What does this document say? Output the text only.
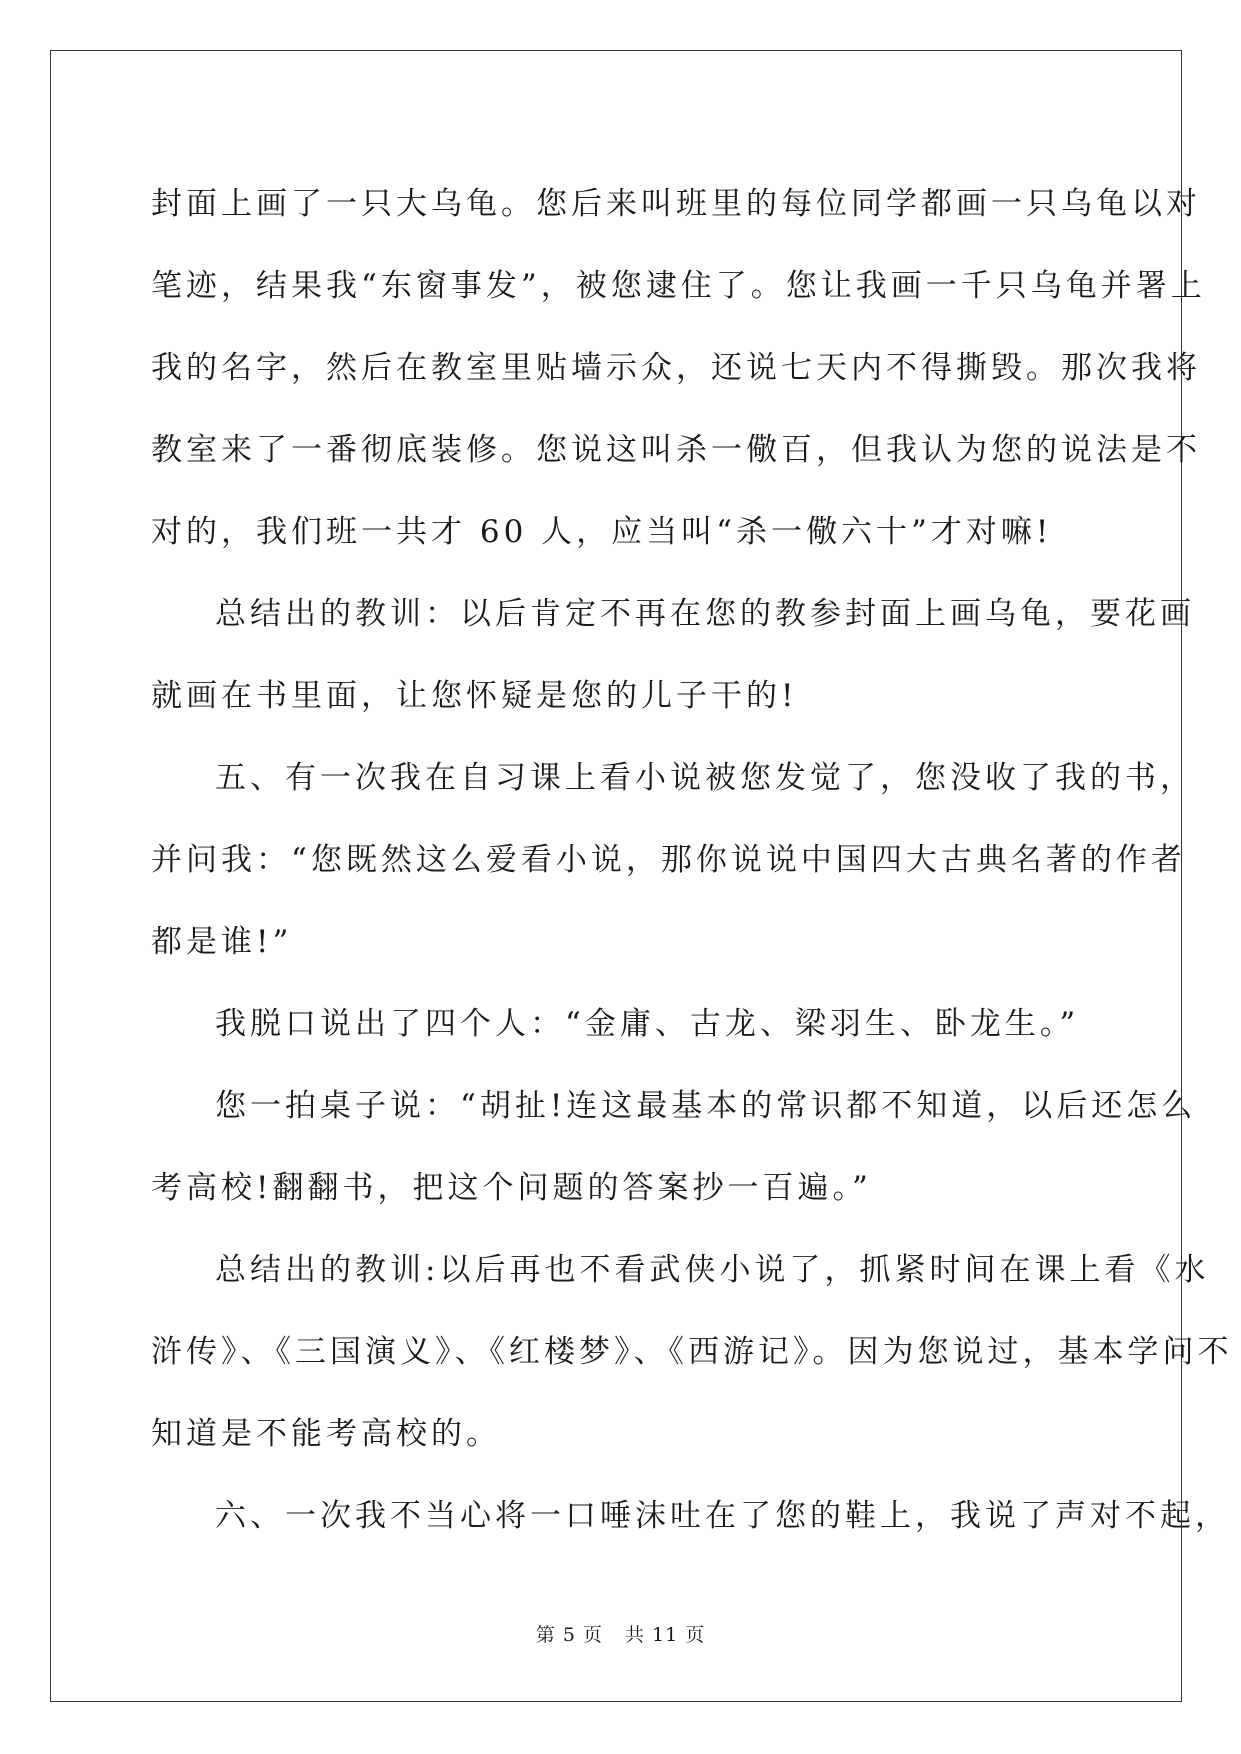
封面上画了一只大乌龟。您后来叫班里的每位同学都画一只乌龟以对
笔迹，结果我“东窗事发”，被您逮住了。您让我画一千只乌龟并署上
我的名字，然后在教室里贴墙示众，还说七天内不得撕毁。那次我将
教室来了一番彻底装修。您说这叫杀一儆百，但我认为您的说法是不
对的，我们班一共才 60 人，应当叫“杀一儆六十”才对嘛!

总结出的教训：以后肯定不再在您的教参封面上画乌龟，要花画
就画在书里面，让您怀疑是您的儿子干的!

五、有一次我在自习课上看小说被您发觉了，您没收了我的书，
并问我：“您既然这么爱看小说，那你说说中国四大古典名著的作者
都是谁!”

我脱口说出了四个人：“金庸、古龙、梁羽生、卧龙生。”

您一拍桌子说：“胡扯!连这最基本的常识都不知道，以后还怎么
考高校!翻翻书，把这个问题的答案抄一百遍。”

总结出的教训:以后再也不看武侠小说了，抓紧时间在课上看《水
浒传》、《三国演义》、《红楼梦》、《西游记》。因为您说过，基本学问不
知道是不能考高校的。

六、一次我不当心将一口唾沫吐在了您的鞋上，我说了声对不起，

第 5 页 共 11 页
